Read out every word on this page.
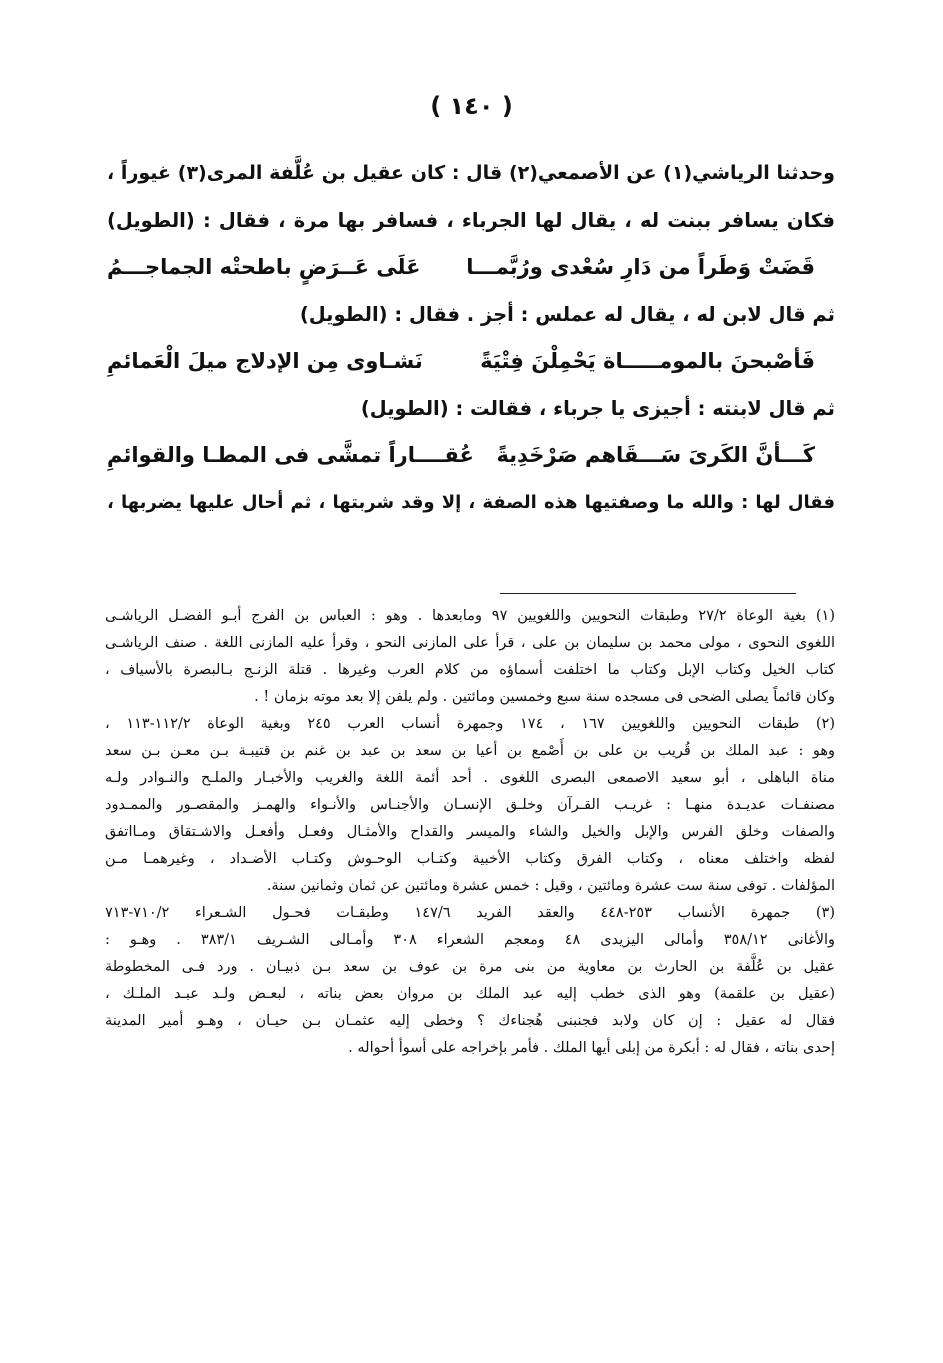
( ١٤٠ )
وحدثنا الرياشي(١) عن الأصمعي(٢) قال : كان عقيل بن عُلَّفة المرى(٣) غيوراً ،
فكان يسافر ببنت له ، يقال لها الجرباء ، فسافر بها مرة ، فقال : (الطويل)
قَضَتْ وَطَراً من دَارِ سُعْدى ورُبَّمـــا
عَلَى عَــرَضٍ باطحتْه الجماجـــمُ
ثم قال لابن له ، يقال له عملس : أجز . فقال : (الطويل)
فَأصْبحنَ بالمومـــــاة يَحْمِلْنَ فِتْيَةً
نَشـاوى مِن الإدلاج ميلَ الْعَمائمِ
ثم قال لابنته : أجيزى يا جرباء ، فقالت : (الطويل)
كَـــأنَّ الكَرىَ سَـــقَاهم صَرْخَدِيةً
عُقــــاراً تمشَّى فى المطـا والقوائمِ
فقال لها : والله ما وصفتيها هذه الصفة ، إلا وقد شربتها ، ثم أحال عليها يضربها ،
(١) بغية الوعاة ٢٧/٢ وطبقات النحويين واللغويين ٩٧ ومابعدها . وهو : العباس بن الفرج أبـو الفضـل الرياشـى
اللغوى النحوى ، مولى محمد بن سليمان بن على ، قرأ على المازنى النحو ، وقرأ عليه المازنى اللغة . صنف الرياشـى
كتاب الخيل وكتاب الإبل وكتاب ما اختلفت أسماؤه من كلام العرب وغيرها . قتلة الزنـج بـالبصرة بالأسياف ،
وكان قائماً يصلى الضحى فى مسجده سنة سبع وخمسين ومائتين . ولم يلفن إلا بعد موته بزمان ! .
(٢) طبقات النحويين واللغويين ١٦٧ ، ١٧٤ وجمهرة أنساب العرب ٢٤٥ وبغية الوعاة ١١٢/٢-١١٣ ،
وهو : عبد الملك بن قُريب بن على بن أَصْمع بن أعيا بن سعد بن عبد بن غنم بن قتيبـة بـن معـن بـن سعد
مناة الباهلى ، أبو سعيد الاصمعى البصرى اللغوى . أحد أئمة اللغة والغريب والأخبـار والملـح والنـوادر ولـه
مصنفـات عديـدة منهـا : غريـب القـرآن وخلـق الإنسـان والأجنـاس والأنـواء والهمـز والمقصـور والممـدود
والصفات وخلق الفرس والإبل والخيل والشاء والميسر والقداح والأمثـال وفعـل وأفعـل والاشـتقاق ومـااتفق
لفظه واختلف معناه ، وكتاب الفرق وكتاب الأخبية وكتـاب الوحـوش وكتـاب الأضـداد ، وغيرهمـا مـن
المؤلفات . توفى سنة ست عشرة ومائتين ، وقيل : خمس عشرة ومائتين عن ثمان وثمانين سنة.
(٣) جمهرة الأنساب ٢٥٣-٤٤٨ والعقد الفريد ١٤٧/٦ وطبقـات فحـول الشـعراء ٧١٠/٢-٧١٣
والأغانى ٣٥٨/١٢ وأمالى اليزيدى ٤٨ ومعجم الشعراء ٣٠٨ وأمـالى الشـريف ٣٨٣/١ . وهـو :
عقيل بن عُلَّفة بن الحارث بن معاوية من بنى مرة بن عوف بن سعد بـن ذبيـان . ورد فـى المخطوطة
(عقيل بن علقمة) وهو الذى خطب إليه عبد الملك بن مروان بعض بناته ، لبعـض ولـد عبـد الملـك ،
فقال له عقيل : إن كان ولابد فجنبنى هُجناءك ؟ وخطى إليه عثمـان بـن حيـان ، وهـو أمير المدينة
إحدى بناته ، فقال له : أبكرة من إبلى أيها الملك . فأمر بإخراجه على أسوأ أحواله .
